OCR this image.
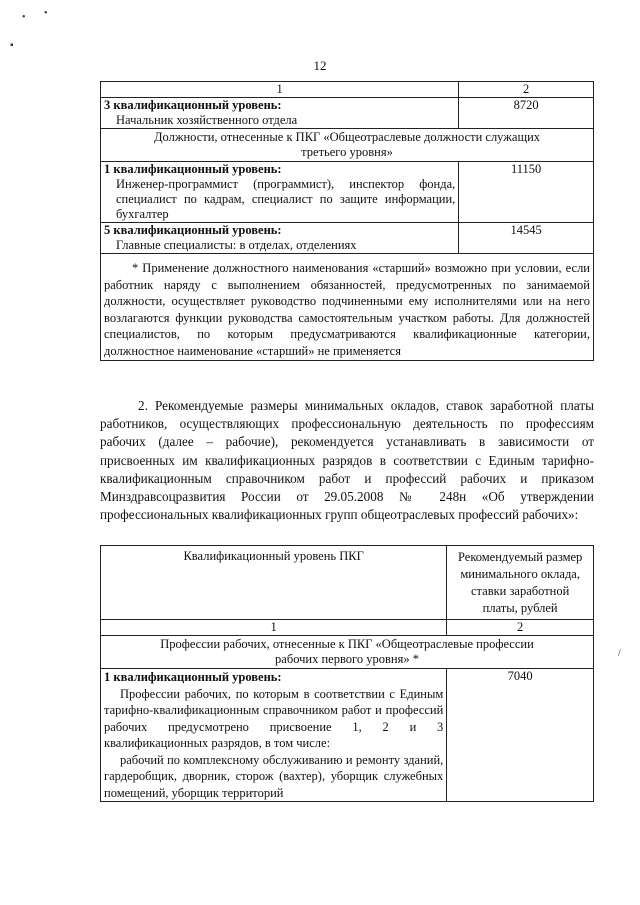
• •
▪
/
12
1	2
3 квалификационный уровень:
Начальник хозяйственного отдела	8720
Должности, отнесенные к ПКГ «Общеотраслевые должности служащих третьего уровня»	
1 квалификационный уровень:
Инженер-программист (программист), инспектор фонда, специалист по кадрам, специалист по защите информации, бухгалтер	11150
5 квалификационный уровень:
Главные специалисты: в отделах, отделениях	14545

* Применение должностного наименования «старший» возможно при условии, если работник наряду с выполнением обязанностей, предусмотренных по занимаемой должности, осуществляет руководство подчиненными ему исполнителями или на него возлагаются функции руководства самостоятельным участком работы. Для должностей специалистов, по которым предусматриваются квалификационные категории, должностное наименование «старший» не применяется	

2. Рекомендуемые размеры минимальных окладов, ставок заработной платы работников, осуществляющих профессиональную деятельность по профессиям рабочих (далее – рабочие), рекомендуется устанавливать в зависимости от присвоенных им квалификационных разрядов в соответствии с Единым тарифно-квалификационным справочником работ и профессий рабочих и приказом Минздравсоцразвития России от 29.05.2008 № 248н «Об утверждении профессиональных квалификационных групп общеотраслевых профессий рабочих»:

Квалификационный уровень ПКГ	Рекомендуемый размер минимального оклада, ставки заработной платы, рублей
1	2
Профессии рабочих, отнесенные к ПКГ «Общеотраслевые профессии рабочих первого уровня» *	
1 квалификационный уровень:
Профессии рабочих, по которым в соответствии с Единым тарифно-квалификационным справочником работ и профессий рабочих предусмотрено присвоение 1, 2 и 3 квалификационных разрядов, в том числе:
рабочий по комплексному обслуживанию и ремонту зданий, гардеробщик, дворник, сторож (вахтер), уборщик служебных помещений, уборщик территорий	7040
